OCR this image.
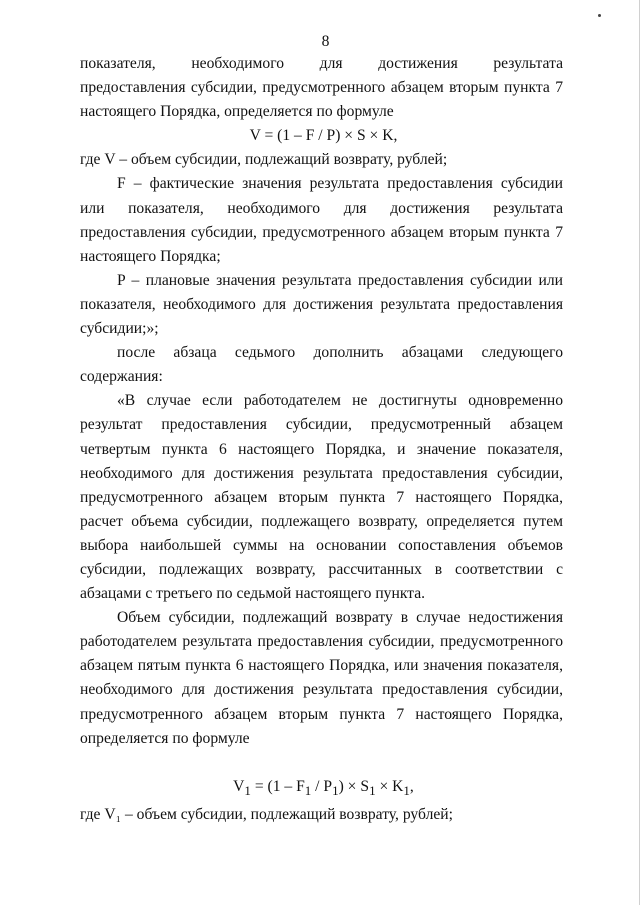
8

показателя, необходимого для достижения результата

предоставления субсидии, предусмотренного абзацем вторым пункта 7 настоящего Порядка, определяется по формуле

V = (1 – F / P) × S × K,

где V – объем субсидии, подлежащий возврату, рублей;

F – фактические значения результата предоставления субсидии или показателя, необходимого для достижения результата предоставления субсидии, предусмотренного абзацем вторым пункта 7 настоящего Порядка;

P – плановые значения результата предоставления субсидии или показателя, необходимого для достижения результата предоставления субсидии;»;

после абзаца седьмого дополнить абзацами следующего содержания:

«В случае если работодателем не достигнуты одновременно результат предоставления субсидии, предусмотренный абзацем четвертым пункта 6 настоящего Порядка, и значение показателя, необходимого для достижения результата предоставления субсидии, предусмотренного абзацем вторым пункта 7 настоящего Порядка, расчет объема субсидии, подлежащего возврату, определяется путем выбора наибольшей суммы на основании сопоставления объемов субсидии, подлежащих возврату, рассчитанных в соответствии с абзацами с третьего по седьмой настоящего пункта.

Объем субсидии, подлежащий возврату в случае недостижения работодателем результата предоставления субсидии, предусмотренного абзацем пятым пункта 6 настоящего Порядка, или значения показателя, необходимого для достижения результата предоставления субсидии, предусмотренного абзацем вторым пункта 7 настоящего Порядка, определяется по формуле

$V_1 = (1 - F_1 / P_1) \times S_1 \times K_1$,

где V₁ – объем субсидии, подлежащий возврату, рублей;
